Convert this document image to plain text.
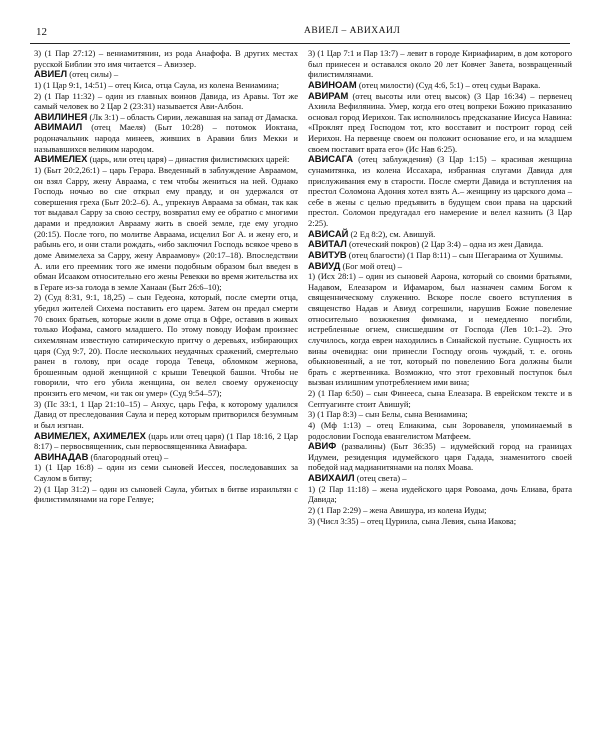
12	АВИЕЛ – АВИХАИЛ

3) (1 Пар 27:12) – вениамитянин, из рода Анафофа. В других местах русской Библии это имя читается – Авиэзер.

АВИЕЛ (отец силы) –

1) (1 Цар 9:1, 14:51) – отец Киса, отца Саула, из колена Вениамина;

2) (1 Пар 11:32) – один из главных воинов Давида, из Аравы. Тот же самый человек во 2 Цар 2 (23:31) называется Ави-Албон.

АВИЛИНЕЯ (Лк 3:1) – область Сирии, лежавшая на запад от Дамаска.

АВИМАИЛ (отец Маеля) (Быт 10:28) – потомок Иоктана, родоначальник народа минеев, живших в Аравии близ Мекки и называвшихся великим народом.

АВИМЕЛЕХ (царь, или отец царя) – династия филистимских царей:

1) (Быт 20:2,26:1) – царь Герара. Введенный в заблуждение Авраамом, он взял Сарру, жену Авраама, с тем чтобы жениться на ней. Однако Господь ночью во сне открыл ему правду, и он удержался от совершения греха (Быт 20:2–6). А., упрекнув Авраама за обман, так как тот выдавал Сарру за свою сестру, возвратил ему ее обратно с многими дарами и предложил Аврааму жить в своей земле, где ему угодно (20:15). После того, по молитве Авраама, исцелил Бог А. и жену его, и рабынь его, и они стали рождать, «ибо заключил Господь всякое чрево в доме Авимелеха за Сарру, жену Авраамову» (20:17–18). Впоследствии А. или его преемник того же имени подобным образом был введен в обман Исааком относительно его жены Ревекки во время жительства их в Герare из-за голода в земле Ханаан (Быт 26:6–10);

2) (Суд 8:31, 9:1, 18,25) – сын Гедеона, который, после смерти отца, убедил жителей Сихема поставить его царем. Затем он предал смерти 70 своих братьев, которые жили в доме отца в Офре, оставив в живых только Иофама, самого младшего. По этому поводу Иофам произнес сихемлянам известную сатирическую притчу о деревьях, избирающих царя (Суд 9:7, 20). После нескольких неудачных сражений, смертельно ранен в голову, при осаде города Тевеца, обломком жернова, брошенным одной женщиной с крыши Тевецкой башни. Чтобы не говорили, что его убила женщина, он велел своему оруженосцу пронзить его мечом, «и так он умер» (Суд 9:54–57);

3) (Пс 33:1, 1 Цар 21:10–15) – Анхус, царь Гефа, к которому удалился Давид от преследования Саула и перед которым притворился безумным и был изгнан.

АВИМЕЛЕХ, АХИМЕЛЕХ (царь или отец царя) (1 Пар 18:16, 2 Цар 8:17) – первосвященник, сын первосвященника Авиафара.

АВИНАДАВ (благородный отец) –

1) (1 Цар 16:8) – один из семи сыновей Иессея, последовавших за Саулом в битву;

2) (1 Цар 31:2) – один из сыновей Саула, убитых в битве израильтян с филистимлянами на горе Гелвуе;

3) (1 Цар 7:1 и Пар 13:7) – левит в городе Кириафиарим, в дом которого был принесен и оставался около 20 лет Ковчег Завета, возвращенный филистимлянами.

АВИНОАМ (отец милости) (Суд 4:6, 5:1) – отец судьи Варака.

АВИРАМ (отец высоты или отец высок) (3 Цар 16:34) – первенец Ахиила Вефилянина. Умер, когда его отец вопреки Божию приказанию основал город Иерихон. Так исполнилось предсказание Иисуса Навина: «Проклят пред Господом тот, кто восставит и построит город сей Иерихон. На первенце своем он положит основание его, и на младшем своем поставит врата его» (Ис Нав 6:25).

АВИСАГА (отец заблуждения) (3 Цар 1:15) – красивая женщина сунамитянка, из колена Иссахара, избранная слугами Давида для прислуживания ему в старости. После смерти Давида и вступления на престол Соломона Адония хотел взять А.– женщину из царского дома – себе в жены с целью предъявить в будущем свои права на царский престол. Соломон предугадал его намерение и велел казнить (3 Цар 2:25).

АВИСАЙ (2 Ед 8:2), см. Авишуй.

АВИТАЛ (отеческий покров) (2 Цар 3:4) – одна из жен Давида.

АВИТУВ (отец благости) (1 Пар 8:11) – сын Шегараима от Хушимы.

АВИУД (Бог мой отец) –

1) (Исх 28:1) – один из сыновей Аарона, который со своими братьями, Надавом, Елеазаром и Ифамаром, был назначен самим Богом к священническому служению. Вскоре после своего вступления в священство Надав и Авиуд согрешили, нарушив Божие повеление относительно возжжения фимиама, и немедленно погибли, истребленные огнем, снисшедшим от Господа (Лев 10:1–2). Это случилось, когда евреи находились в Синайской пустыне. Сущность их вины очевидна: они принесли Господу огонь чуждый, т. е. огонь обыкновенный, а не тот, который по повелению Бога должны были брать с жертвенника. Возможно, что этот греховный поступок был вызван излишним употреблением ими вина;

2) (1 Пар 6:50) – сын Финееса, сына Елеазара. В еврейском тексте и в Септуагинте стоит Авишуй;

3) (1 Пар 8:3) – сын Белы, сына Вениамина;

4) (Мф 1:13) – отец Елиакима, сын Зоровавеля, упоминаемый в родословии Господа евангелистом Матфеем.

АВИФ (развалины) (Быт 36:35) – идумейский город на границах Идумеи, резиденция идумейского царя Гадада, знаменитого своей победой над мадианитянами на полях Моава.

АВИХАИЛ (отец света) –

1) (2 Пар 11:18) – жена иудейского царя Ровоама, дочь Елиава, брата Давида;

2) (1 Пар 2:29) – жена Авишура, из колена Иуды;

3) (Числ 3:35) – отец Цуриила, сына Левия, сына Иакова;
